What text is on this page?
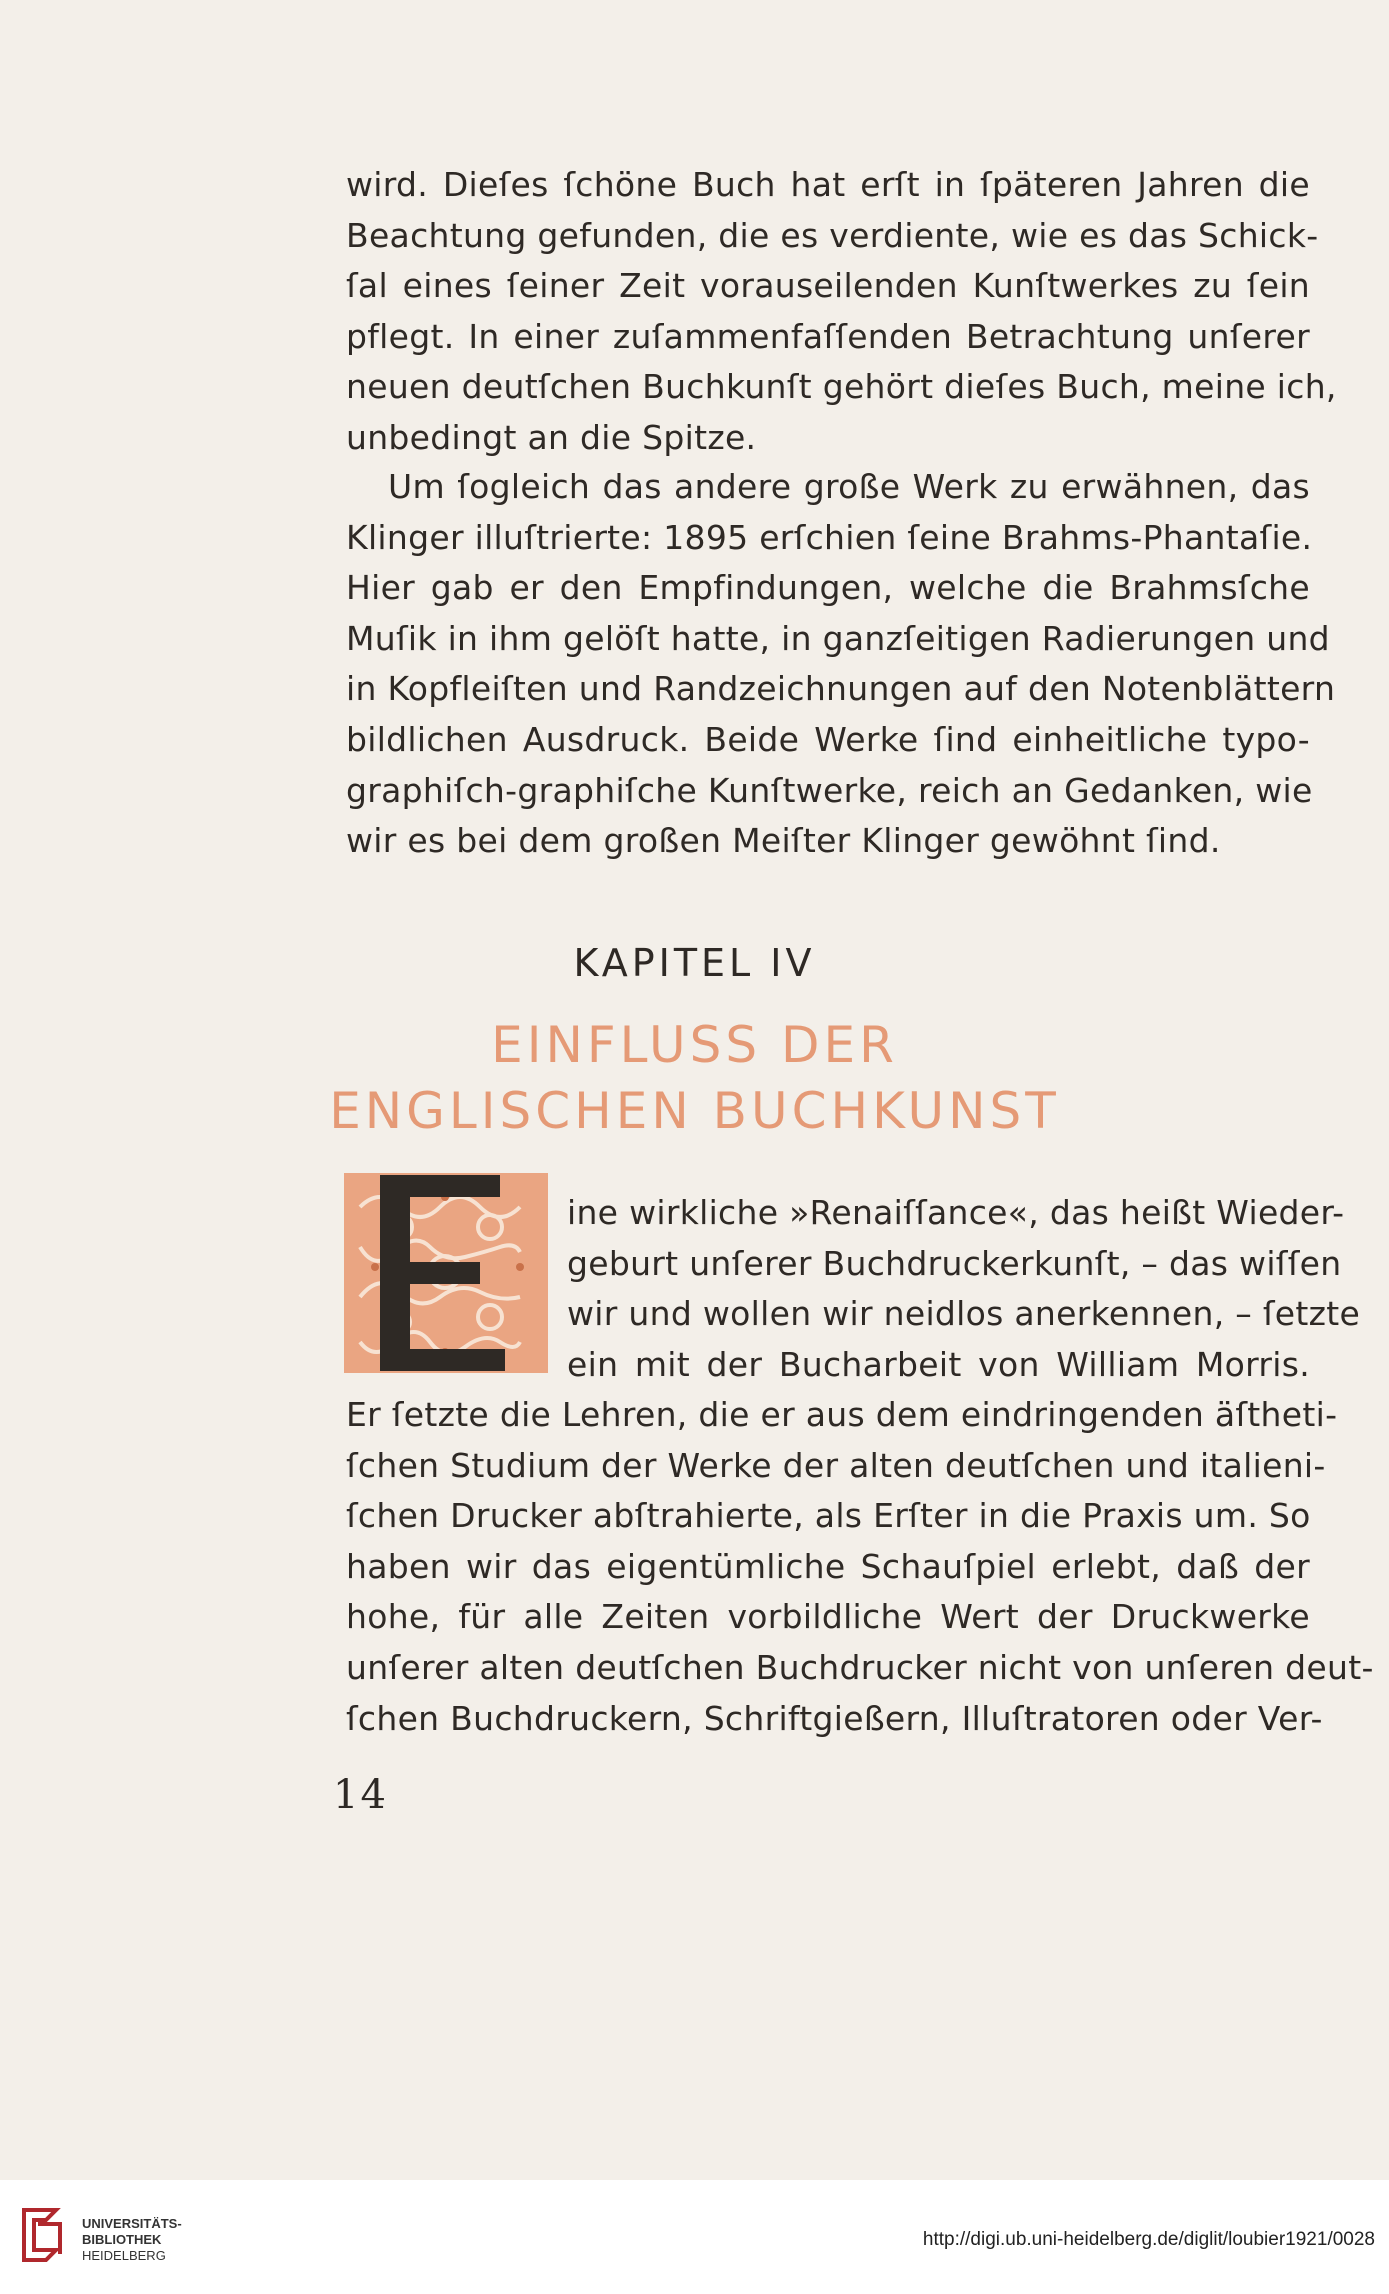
wird. Dieſes ſchöne Buch hat erſt in ſpäteren Jahren die
Beachtung gefunden, die es verdiente, wie es das Schick-
ſal eines ſeiner Zeit vorauseilenden Kunſtwerkes zu ſein
pflegt. In einer zuſammenfaſſenden Betrachtung unſerer
neuen deutſchen Buchkunſt gehört dieſes Buch, meine ich,
unbedingt an die Spitze.
Um ſogleich das andere große Werk zu erwähnen, das
Klinger illuſtrierte: 1895 erſchien ſeine Brahms-Phantaſie.
Hier gab er den Empfindungen, welche die Brahmsſche
Muſik in ihm gelöſt hatte, in ganzſeitigen Radierungen und
in Kopfleiſten und Randzeichnungen auf den Notenblättern
bildlichen Ausdruck. Beide Werke ſind einheitliche typo-
graphiſch-graphiſche Kunſtwerke, reich an Gedanken, wie
wir es bei dem großen Meiſter Klinger gewöhnt ſind.
KAPITEL IV
EINFLUSS DER
ENGLISCHEN BUCHKUNST
ine wirkliche »Renaiſſance«, das heißt Wieder-
geburt unſerer Buchdruckerkunſt, – das wiſſen
wir und wollen wir neidlos anerkennen, – ſetzte
ein mit der Bucharbeit von William Morris.
Er ſetzte die Lehren, die er aus dem eindringenden äſtheti-
ſchen Studium der Werke der alten deutſchen und italieni-
ſchen Drucker abſtrahierte, als Erſter in die Praxis um. So
haben wir das eigentümliche Schauſpiel erlebt, daß der
hohe, für alle Zeiten vorbildliche Wert der Druckwerke
unſerer alten deutſchen Buchdrucker nicht von unſeren deut-
ſchen Buchdruckern, Schriftgießern, Illuſtratoren oder Ver-
14
UNIVERSITÄTS-
BIBLIOTHEK
HEIDELBERG
http://digi.ub.uni-heidelberg.de/diglit/loubier1921/0028
